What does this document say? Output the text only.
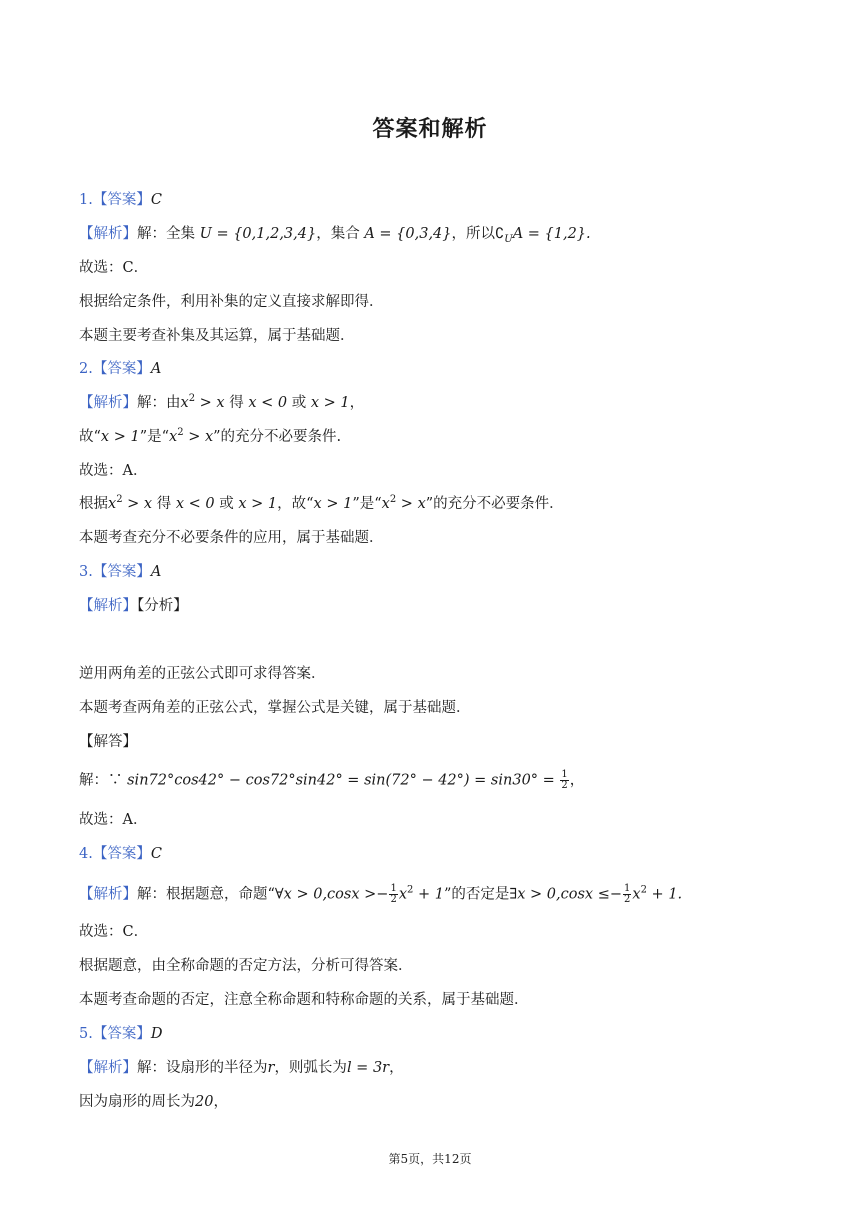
答案和解析
1.【答案】C
【解析】解：全集 U = {0,1,2,3,4}，集合 A = {0,3,4}，所以$∁_UA = \{1,2\}$.
故选：C．
根据给定条件，利用补集的定义直接求解即得．
本题主要考查补集及其运算，属于基础题．
2.【答案】A
【解析】解：由$x^2 > x$ 得 x < 0 或 x > 1，
故“x > 1”是“$x^2 > x$”的充分不必要条件.
故选：A．
根据$x^2 > x$ 得 x < 0 或 x > 1，故“x > 1”是“$x^2 > x$”的充分不必要条件．
本题考查充分不必要条件的应用，属于基础题．
3.【答案】A
【解析】【分析】
逆用两角差的正弦公式即可求得答案．
本题考查两角差的正弦公式，掌握公式是关键，属于基础题．
【解答】
解：∵ $\sin 72^\circ\cos 42^\circ - \cos 72^\circ\sin 42^\circ = \sin(72^\circ - 42^\circ) = \sin 30^\circ = \frac{1}{2}$ ，
故选：A．
4.【答案】C
【解析】解：根据题意，命题“∀x > $0,\cos x >- \frac{1}{2} x^2 + 1$”的否定是∃x > $0,\cos x \le- \frac{1}{2} x^2 + 1$.
故选：C．
根据题意，由全称命题的否定方法，分析可得答案．
本题考查命题的否定，注意全称命题和特称命题的关系，属于基础题．
5.【答案】D
【解析】解：设扇形的半径为r，则弧长为l = 3r，
因为扇形的周长为20，
第5页，共12页
